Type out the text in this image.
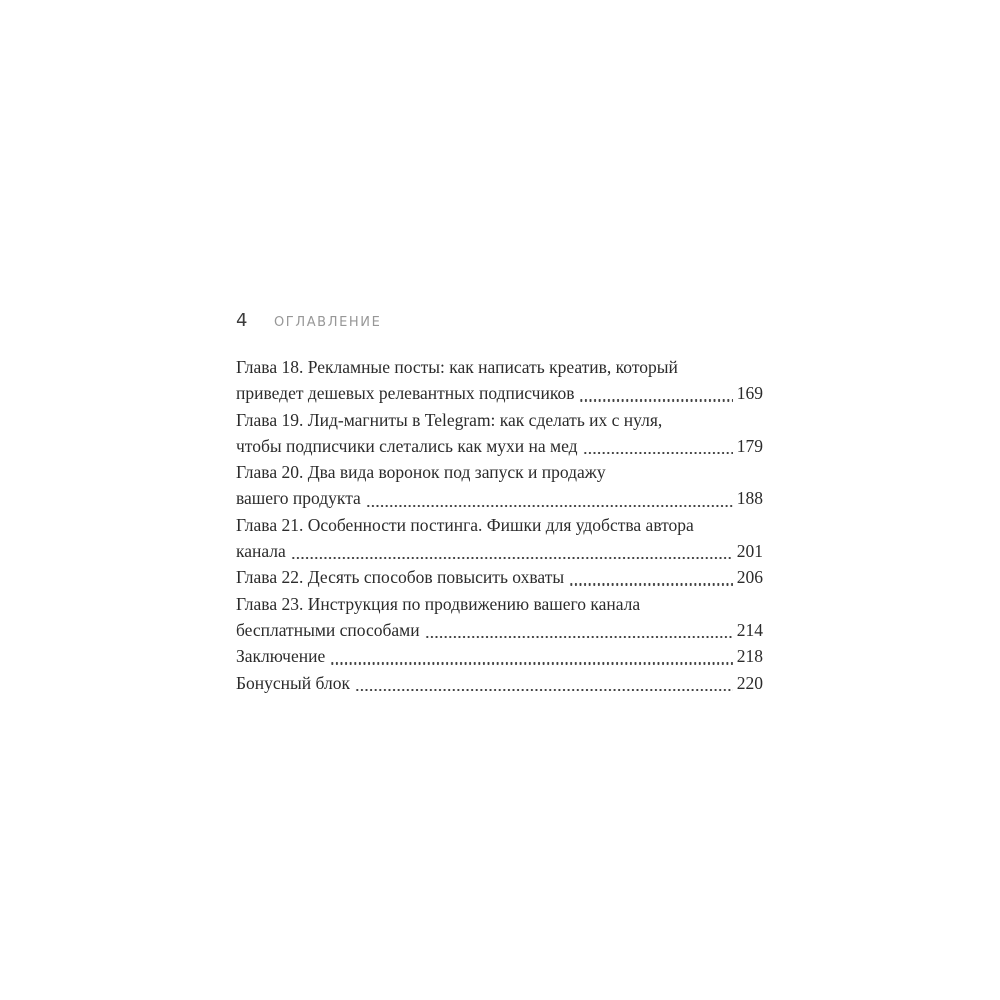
4 ОГЛАВЛЕНИЕ
Глава 18. Рекламные посты: как написать креатив, который
приведет дешевых релевантных подписчиков	169
Глава 19. Лид-магниты в Telegram: как сделать их с нуля,
чтобы подписчики слетались как мухи на мед	179
Глава 20. Два вида воронок под запуск и продажу
вашего продукта	188
Глава 21. Особенности постинга. Фишки для удобства автора
канала	201
Глава 22. Десять способов повысить охваты	206
Глава 23. Инструкция по продвижению вашего канала
бесплатными способами	214
Заключение	218
Бонусный блок	220
